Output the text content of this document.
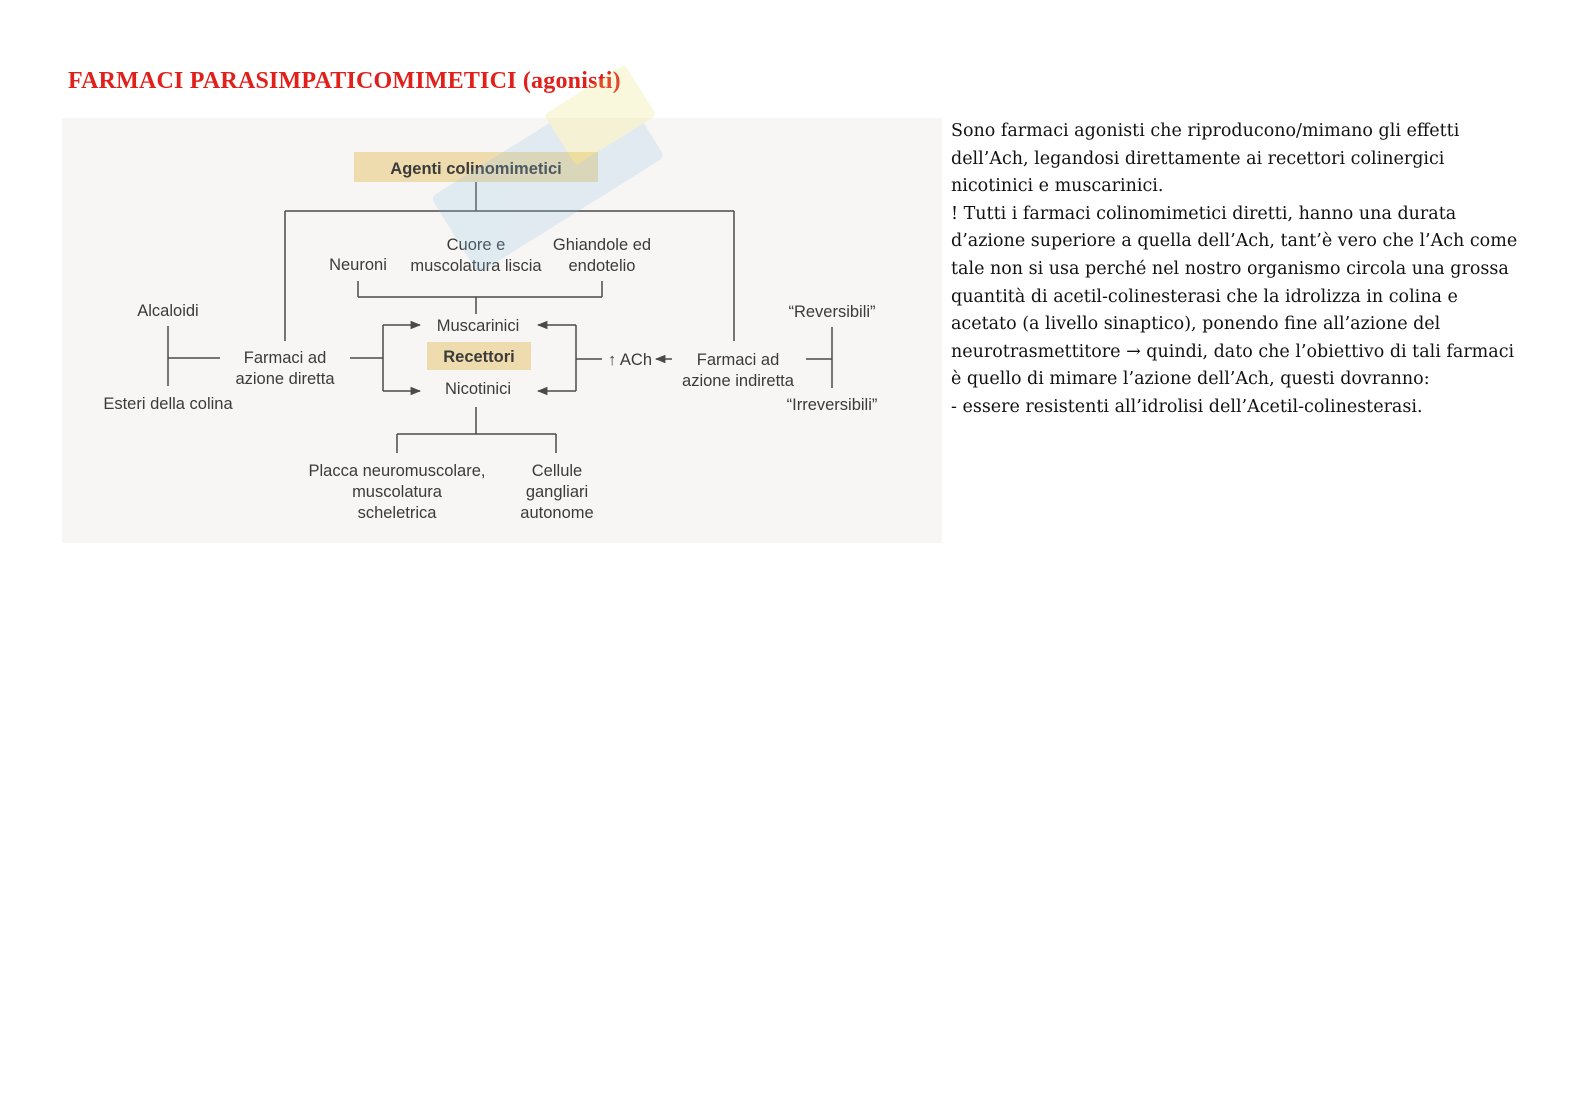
FARMACI PARASIMPATICOMIMETICI (agonisti)
Agenti colinomimetici
Neuroni
Cuore e
muscolatura liscia
Ghiandole ed
endotelio
Muscarinici
Recettori
Nicotinici
Farmaci ad
azione diretta
Alcaloidi
Esteri della colina
Farmaci ad
azione indiretta
↑ ACh
“Reversibili”
“Irreversibili”
Placca neuromuscolare,
muscolatura
scheletrica
Cellule
gangliari
autonome

Sono farmaci agonisti che riproducono/mimano gli effetti dell’Ach, legandosi direttamente ai recettori colinergici nicotinici e muscarinici.

! Tutti i farmaci colinomimetici diretti, hanno una durata d’azione superiore a quella dell’Ach, tant’è vero che l’Ach come tale non si usa perché nel nostro organismo circola una grossa quantità di acetil-colinesterasi che la idrolizza in colina e acetato (a livello sinaptico), ponendo fine all’azione del neurotrasmettitore → quindi, dato che l’obiettivo di tali farmaci è quello di mimare l’azione dell’Ach, questi dovranno:

- essere resistenti all’idrolisi dell’Acetil-colinesterasi.
